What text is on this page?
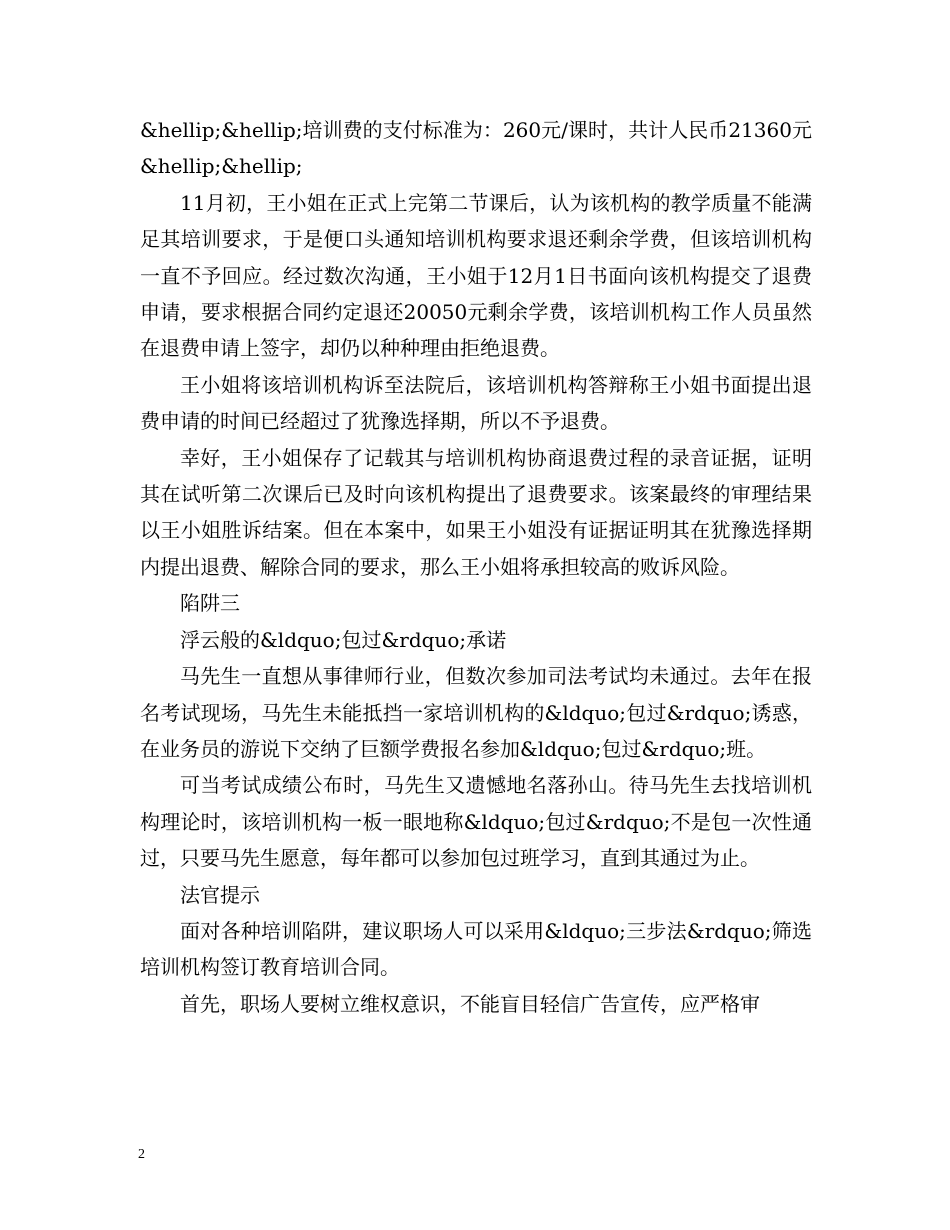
&hellip;&hellip;培训费的支付标准为：260元/课时，共计人民币21360元&hellip;&hellip;

11月初，王小姐在正式上完第二节课后，认为该机构的教学质量不能满足其培训要求，于是便口头通知培训机构要求退还剩余学费，但该培训机构一直不予回应。经过数次沟通，王小姐于12月1日书面向该机构提交了退费申请，要求根据合同约定退还20050元剩余学费，该培训机构工作人员虽然在退费申请上签字，却仍以种种理由拒绝退费。

王小姐将该培训机构诉至法院后，该培训机构答辩称王小姐书面提出退费申请的时间已经超过了犹豫选择期，所以不予退费。

幸好，王小姐保存了记载其与培训机构协商退费过程的录音证据，证明其在试听第二次课后已及时向该机构提出了退费要求。该案最终的审理结果以王小姐胜诉结案。但在本案中，如果王小姐没有证据证明其在犹豫选择期内提出退费、解除合同的要求，那么王小姐将承担较高的败诉风险。

陷阱三

浮云般的&ldquo;包过&rdquo;承诺

马先生一直想从事律师行业，但数次参加司法考试均未通过。去年在报名考试现场，马先生未能抵挡一家培训机构的&ldquo;包过&rdquo;诱惑，在业务员的游说下交纳了巨额学费报名参加&ldquo;包过&rdquo;班。

可当考试成绩公布时，马先生又遗憾地名落孙山。待马先生去找培训机构理论时，该培训机构一板一眼地称&ldquo;包过&rdquo;不是包一次性通过，只要马先生愿意，每年都可以参加包过班学习，直到其通过为止。

法官提示

面对各种培训陷阱，建议职场人可以采用&ldquo;三步法&rdquo;筛选培训机构签订教育培训合同。

首先，职场人要树立维权意识，不能盲目轻信广告宣传，应严格审

2
